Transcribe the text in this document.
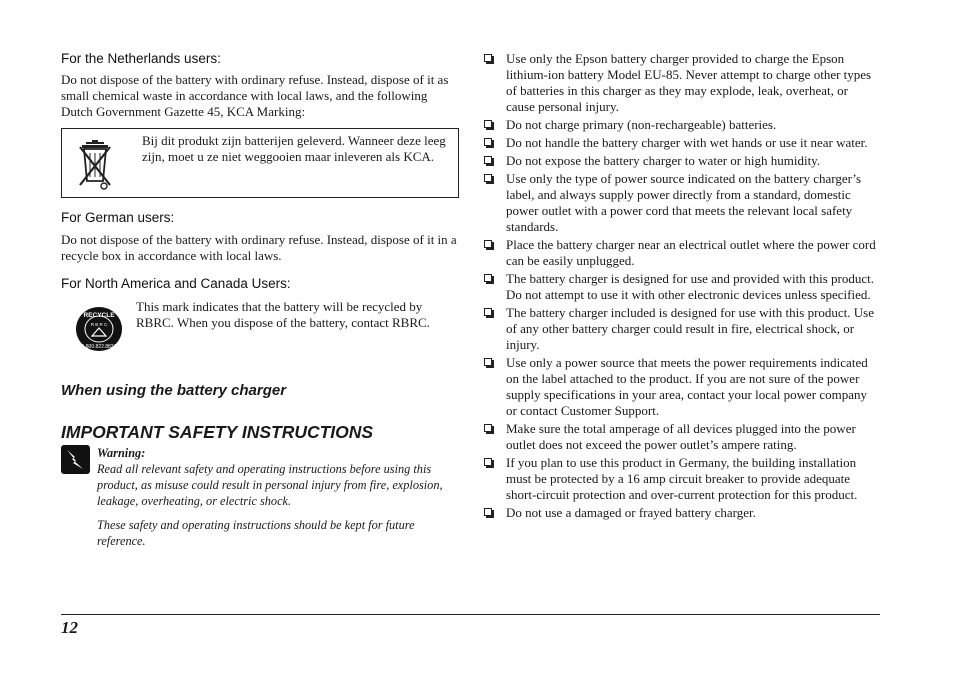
For the Netherlands users:
Do not dispose of the battery with ordinary refuse. Instead, dispose of it as small chemical waste in accordance with local laws, and the following Dutch Government Gazette 45, KCA Marking:
Bij dit produkt zijn batterijen geleverd. Wanneer deze leeg zijn, moet u ze niet weggooien maar inleveren als KCA.
For German users:
Do not dispose of the battery with ordinary refuse. Instead, dispose of it in a recycle box in accordance with local laws.
For North America and Canada Users:
RECYCLE
R B R C
1.800.822.8837
This mark indicates that the battery will be recycled by RBRC. When you dispose of the battery, contact RBRC.
When using the battery charger
IMPORTANT SAFETY INSTRUCTIONS
Warning:
Read all relevant safety and operating instructions before using this product, as misuse could result in personal injury from fire, explosion, leakage, overheating, or electric shock.
These safety and operating instructions should be kept for future reference.
Use only the Epson battery charger provided to charge the Epson lithium-ion battery Model EU-85. Never attempt to charge other types of batteries in this charger as they may explode, leak, overheat, or cause personal injury.
Do not charge primary (non-rechargeable) batteries.
Do not handle the battery charger with wet hands or use it near water.
Do not expose the battery charger to water or high humidity.
Use only the type of power source indicated on the battery charger’s label, and always supply power directly from a standard, domestic power outlet with a power cord that meets the relevant local safety standards.
Place the battery charger near an electrical outlet where the power cord can be easily unplugged.
The battery charger is designed for use and provided with this product. Do not attempt to use it with other electronic devices unless specified.
The battery charger included is designed for use with this product. Use of any other battery charger could result in fire, electrical shock, or injury.
Use only a power source that meets the power requirements indicated on the label attached to the product. If you are not sure of the power supply specifications in your area, contact your local power company or contact Customer Support.
Make sure the total amperage of all devices plugged into the power outlet does not exceed the power outlet’s ampere rating.
If you plan to use this product in Germany, the building installation must be protected by a 16 amp circuit breaker to provide adequate short-circuit protection and over-current protection for this product.
Do not use a damaged or frayed battery charger.
12
